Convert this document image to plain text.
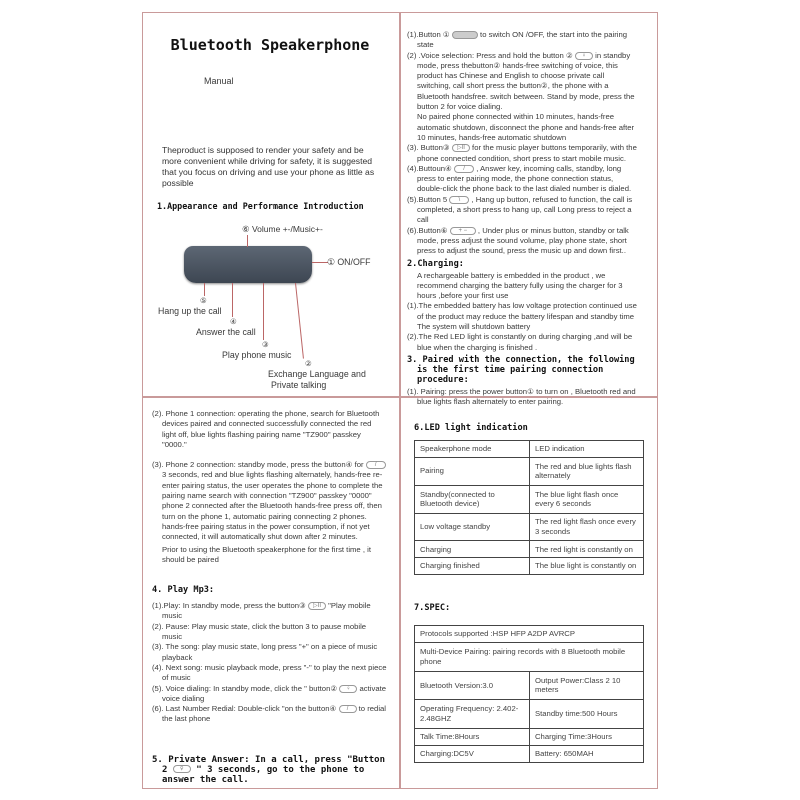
Bluetooth Speakerphone
Manual
Theproduct is supposed to render your safety and be more convenient while driving for safety, it is suggested that you focus on driving and use your phone as little as possible
1.Appearance and Performance Introduction
⑥ Volume +-/Music+-
① ON/OFF
⑤
Hang up the call
④
Answer the call
③
Play phone music
②
Exchange Language and
Private talking
(1).Button ①	to switch ON /OFF, the start into the pairing state
(2) .Voice selection: Press and hold the button ② ♀ in standby mode, press thebutton② hands-free switching of voice, this product has Chinese and English to choose private call switching, call short press the button②, the phone with a Bluetooth handsfree. switch between. Stand by mode, press the button 2 for voice dialing.
No paired phone connected within 10 minutes, hands-free automatic shutdown, disconnect the phone and hands-free after 10 minutes, hands-free automatic shutdown
(3). Button③ ▷II for the music player buttons temporarily, with the phone connected condition, short press to start mobile music.
(4).Buttoun④ / , Answer key, incoming calls, standby, long press to enter pairing mode, the phone connection status, double-click the phone back to the last dialed number is dialed.
(5).Button 5 \ , Hang up button, refused to function, the call is completed, a short press to hang up, call Long press to reject a call
(6).Button⑥ + − , Under plus or minus button, standby or talk mode, press adjust the sound volume, play phone state, short press to adjust the sound, press the music up and down first..
2.Charging:
A rechargeable battery is embedded in the product , we recommend charging the battery fully using the charger for 3 hours ,before your first use
(1).The embedded battery has low voltage protection continued use of the product may reduce the battery lifespan and standby time The system will shutdown battery
(2).The Red LED light is constantly on during charging ,and will be blue when the charging is finished .
3. Paired with the connection, the following is the first time pairing connection procedure:
(1). Pairing: press the power button① to turn on , Bluetooth red and blue lights flash alternately to enter pairing.
(2). Phone 1 connection: operating the phone, search for Bluetooth devices paired and connected successfully connected the red light off, blue lights flashing pairing name "TZ900" passkey "0000."
(3). Phone 2 connection: standby mode, press the button④ for / 3 seconds, red and blue lights flashing alternately, hands-free re-enter pairing status, the user operates the phone to complete the pairing name search with connection "TZ900" passkey "0000" phone 2 connected after the Bluetooth hands-free press off, then turn on the phone 1, automatic pairing connecting 2 phones.
hands-free pairing status in the power consumption, if not yet connected, it will automatically shut down after 2 minutes.
Prior to using the Bluetooth speakerphone for the first time , it should be paired
4. Play Mp3:
(1).Play: In standby mode, press the button③ ▷II "Play mobile music
(2). Pause: Play music state, click the button 3 to pause mobile music
(3). The song: play music state, long press "+" on a piece of music playback
(4). Next song: music playback mode, press "-" to play the next piece of music
(5). Voice dialing: In standby mode, click the " button② ♀ activate voice dialing
(6). Last Number Redial: Double-click "on the button④ / to redial the last phone
5. Private Answer: In a call, press "Button 2 ♀ " 3 seconds, go to the phone to answer the call.
6.LED light indication
Speakerphone mode	LED indication
Pairing	The red and blue lights flash alternately
Standby(connected to Bluetooth device)	The blue light flash once every 6 seconds
Low voltage standby	The red light flash once every 3 seconds
Charging	The red light is constantly on
Charging finished	The blue light is constantly on
7.SPEC:
Protocols supported :HSP HFP A2DP AVRCP	
Multi-Device Pairing: pairing records with 8 Bluetooth mobile phone	
Bluetooth Version:3.0	Output Power:Class 2 10 meters
Operating Frequency: 2.402-2.48GHZ	Standby time:500 Hours
Talk Time:8Hours	Charging Time:3Hours
Charging:DC5V	Battery: 650MAH
